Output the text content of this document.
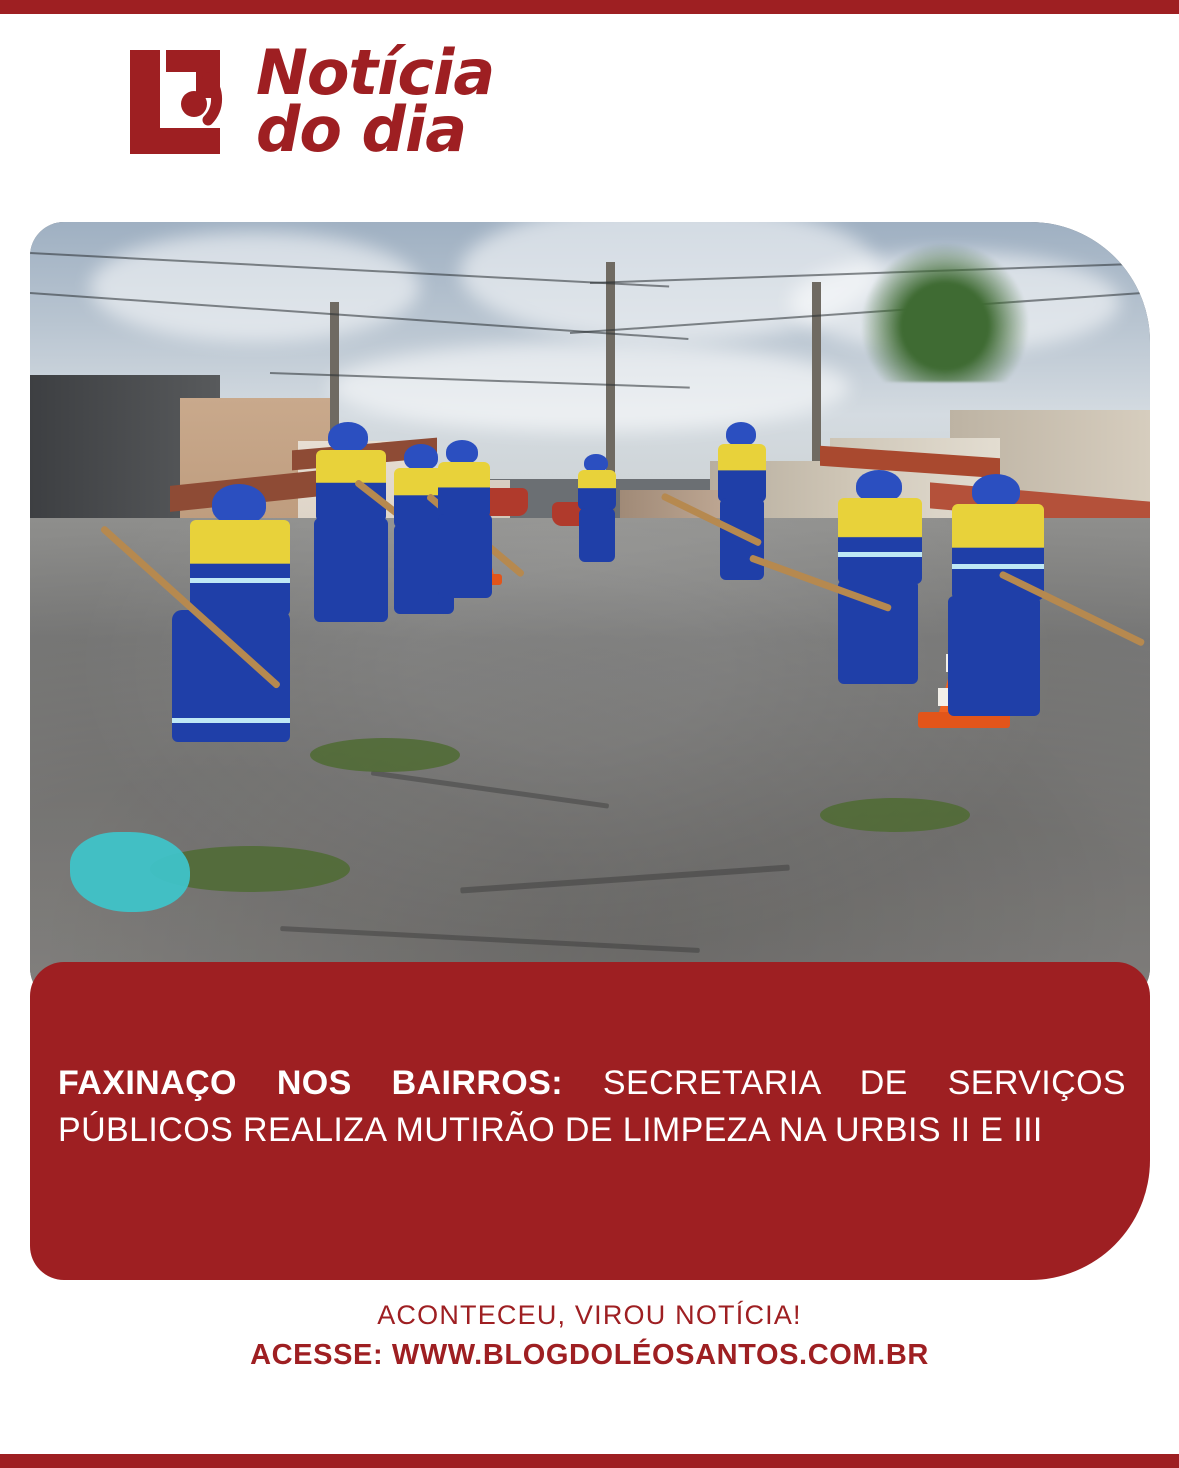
Notícia
do dia
FAXINAÇO NOS BAIRROS: SECRETARIA DE SERVIÇOS PÚBLICOS REALIZA MUTIRÃO DE LIMPEZA NA URBIS II E III
ACONTECEU, VIROU NOTÍCIA!
ACESSE: WWW.BLOGDOLÉOSANTOS.COM.BR
